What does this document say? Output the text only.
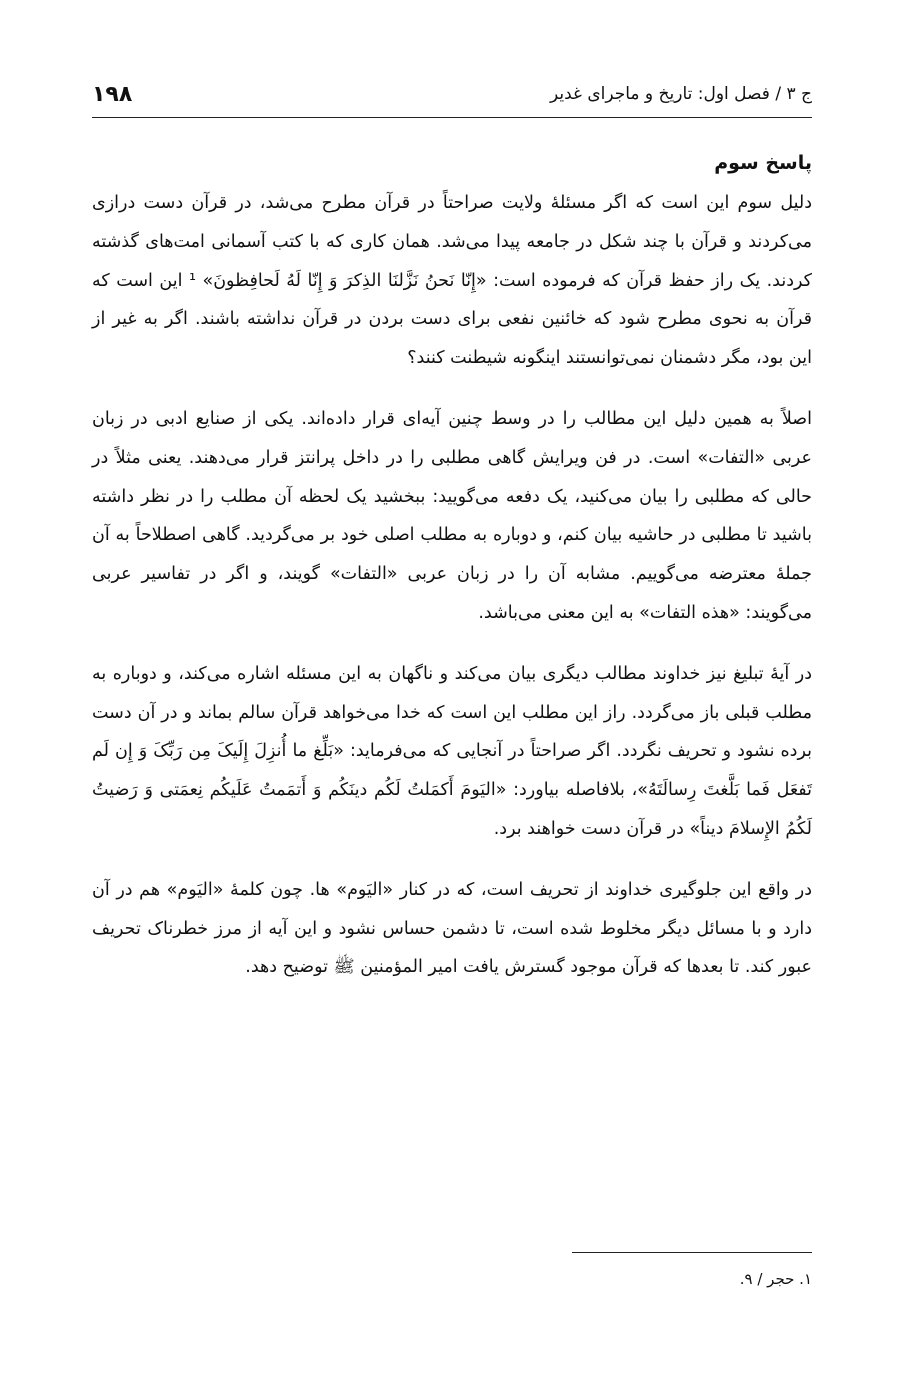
ج ۳ / فصل اول: تاریخ و ماجرای غدیر
۱۹۸
پاسخ سوم

دلیل سوم این است که اگر مسئلهٔ ولایت صراحتاً در قرآن مطرح می‌شد، در قرآن دست درازی می‌کردند و قرآن با چند شکل در جامعه پیدا می‌شد. همان کاری که با کتب آسمانی امت‌های گذشته کردند. یک راز حفظ قرآن که فرموده است: «إِنّا نَحنُ نَزَّلنَا الذِکرَ وَ إِنّا لَهُ لَحافِظونَ» ¹ این است که قرآن به نحوی مطرح شود که خائنین نفعی برای دست بردن در قرآن نداشته باشند. اگر به غیر از این بود، مگر دشمنان نمی‌توانستند اینگونه شیطنت کنند؟

اصلاً به همین دلیل این مطالب را در وسط چنین آیه‌ای قرار داده‌اند. یکی از صنایع ادبی در زبان عربی «التفات» است. در فن ویرایش گاهی مطلبی را در داخل پرانتز قرار می‌دهند. یعنی مثلاً در حالی که مطلبی را بیان می‌کنید، یک دفعه می‌گویید: ببخشید یک لحظه آن مطلب را در نظر داشته باشید تا مطلبی در حاشیه بیان کنم، و دوباره به مطلب اصلی خود بر می‌گردید. گاهی اصطلاحاً به آن جملهٔ معترضه می‌گوییم. مشابه آن را در زبان عربی «التفات» گویند، و اگر در تفاسیر عربی می‌گویند: «هذه التفات» به این معنی می‌باشد.

در آیهٔ تبلیغ نیز خداوند مطالب دیگری بیان می‌کند و ناگهان به این مسئله اشاره می‌کند، و دوباره به مطلب قبلی باز می‌گردد. راز این مطلب این است که خدا می‌خواهد قرآن سالم بماند و در آن دست برده نشود و تحریف نگردد. اگر صراحتاً در آنجایی که می‌فرماید: «بَلِّغ ما أُنزِلَ إِلَیکَ مِن رَبِّکَ وَ إِن لَم تَفعَل فَما بَلَّغتَ رِسالَتَهُ»، بلافاصله بیاورد: «الیَومَ أَکمَلتُ لَکُم دینَکُم وَ أَتمَمتُ عَلَیکُم نِعمَتی وَ رَضیتُ لَکُمُ الإِسلامَ دیناً» در قرآن دست خواهند برد.

در واقع این جلوگیری خداوند از تحریف است، که در کنار «الیَوم» ها. چون کلمهٔ «الیَوم» هم در آن دارد و با مسائل دیگر مخلوط شده است، تا دشمن حساس نشود و این آیه از مرز خطرناک تحریف عبور کند. تا بعدها که قرآن موجود گسترش یافت امیر المؤمنین ﷺ توضیح دهد.

۱. حجر / ۹.
